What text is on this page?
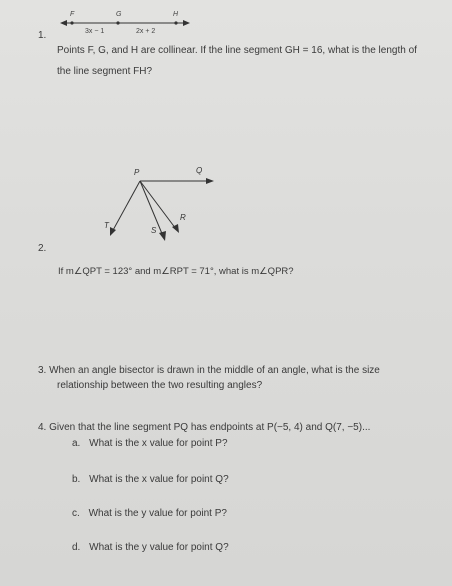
1.
F	G	H
3x − 1	2x + 2
Points F, G, and H are collinear. If the line segment GH = 16, what is the length of
the line segment FH?
P	Q
R
S
T
2.
If m∠QPT = 123° and m∠RPT = 71°, what is m∠QPR?
3. When an angle bisector is drawn in the middle of an angle, what is the size
relationship between the two resulting angles?
4. Given that the line segment PQ has endpoints at P(−5, 4) and Q(7, −5)...
a. What is the x value for point P?
b. What is the x value for point Q?
c. What is the y value for point P?
d. What is the y value for point Q?
